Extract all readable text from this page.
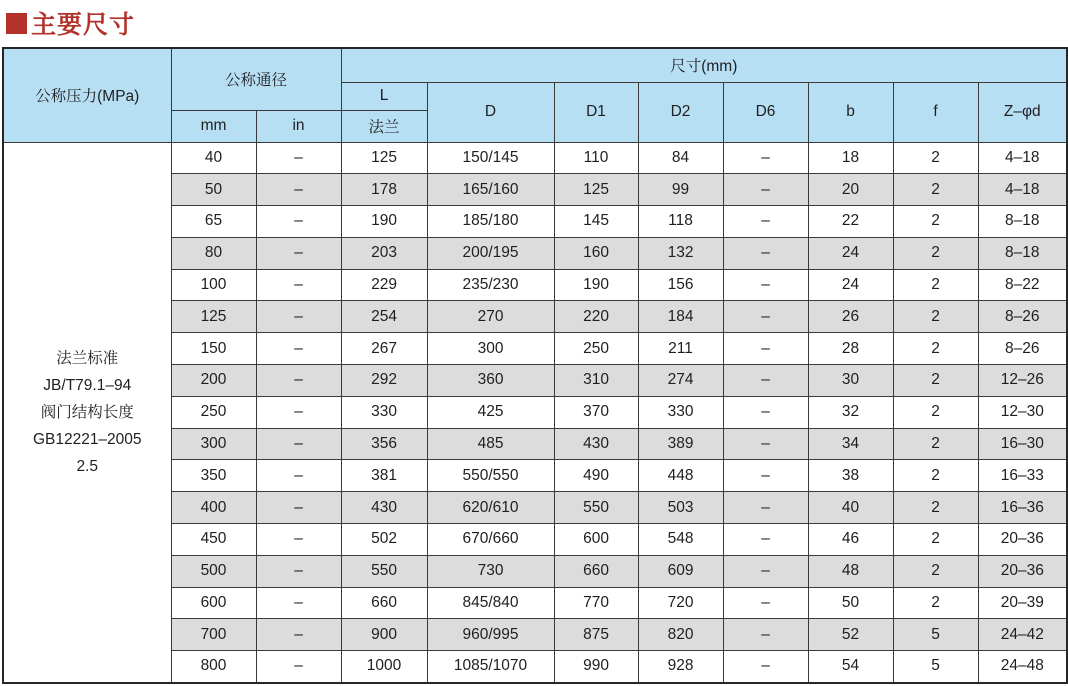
主要尺寸
公称压力(MPa)	公称通径		尺寸(mm)							
			L	D	D1	D2	D6	b	f	Z–φd
	mm	in	法兰							

法兰标准
JB/T79.1–94
阀门结构长度
GB12221–2005
2.5	40	–	125	150/145	110	84	–	18	2	4–18
	50	–	178	165/160	125	99	–	20	2	4–18
	65	–	190	185/180	145	118	–	22	2	8–18
	80	–	203	200/195	160	132	–	24	2	8–18
	100	–	229	235/230	190	156	–	24	2	8–22
	125	–	254	270	220	184	–	26	2	8–26
	150	–	267	300	250	211	–	28	2	8–26
	200	–	292	360	310	274	–	30	2	12–26
	250	–	330	425	370	330	–	32	2	12–30
	300	–	356	485	430	389	–	34	2	16–30
	350	–	381	550/550	490	448	–	38	2	16–33
	400	–	430	620/610	550	503	–	40	2	16–36
	450	–	502	670/660	600	548	–	46	2	20–36
	500	–	550	730	660	609	–	48	2	20–36
	600	–	660	845/840	770	720	–	50	2	20–39
	700	–	900	960/995	875	820	–	52	5	24–42
	800	–	1000	1085/1070	990	928	–	54	5	24–48
